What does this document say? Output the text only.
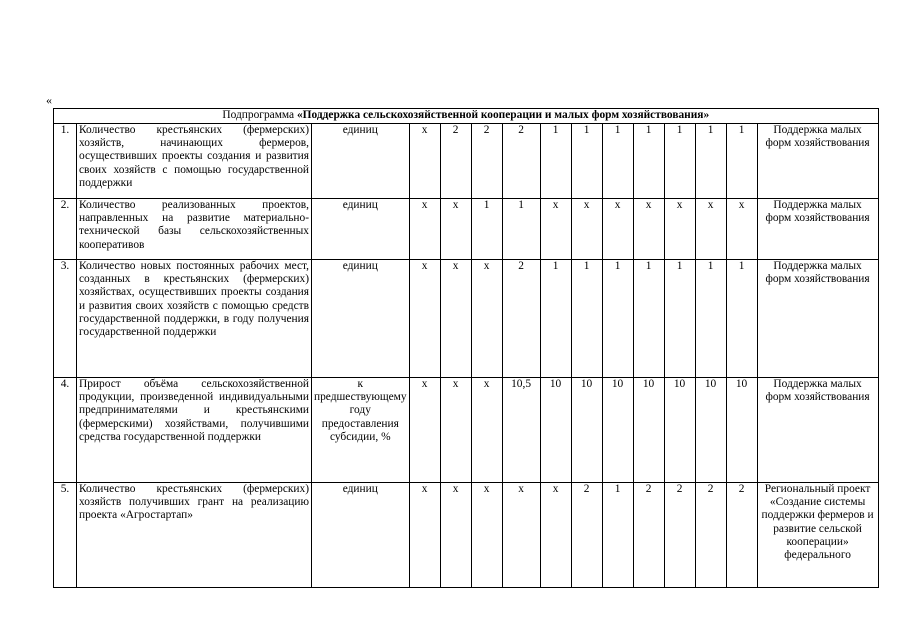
«
Подпрограмма «Поддержка сельскохозяйственной кооперации и малых форм хозяйствования»														
1.	Количество крестьянских (фермерских) хозяйств, начинающих фермеров, осуществивших проекты создания и развития своих хозяйств с помощью государственной поддержки	единиц	х	2	2	2	1	1	1	1	1	1	1	Поддержка малых форм хозяйствования
2.	Количество реализованных проектов, направленных на развитие материально-технической базы сельскохозяйственных кооперативов	единиц	х	х	1	1	х	х	х	х	х	х	х	Поддержка малых форм хозяйствования
3.	Количество новых постоянных рабочих мест, созданных в крестьянских (фермерских) хозяйствах, осуществивших проекты создания и развития своих хозяйств с помощью средств государственной поддержки, в году получения государственной поддержки	единиц	х	х	х	2	1	1	1	1	1	1	1	Поддержка малых форм хозяйствования
4.	Прирост объёма сельскохозяйственной продукции, произведенной индивидуальными предпринимателями и крестьянскими (фермерскими) хозяйствами, получившими средства государственной поддержки	к предшествующему году предоставления субсидии, %	х	х	х	10,5	10	10	10	10	10	10	10	Поддержка малых форм хозяйствования
5.	Количество крестьянских (фермерских) хозяйств получивших грант на реализацию проекта «Агростартап»	единиц	х	х	х	х	х	2	1	2	2	2	2	Региональный проект «Создание системы поддержки фермеров и развитие сельской кооперации» федерального
